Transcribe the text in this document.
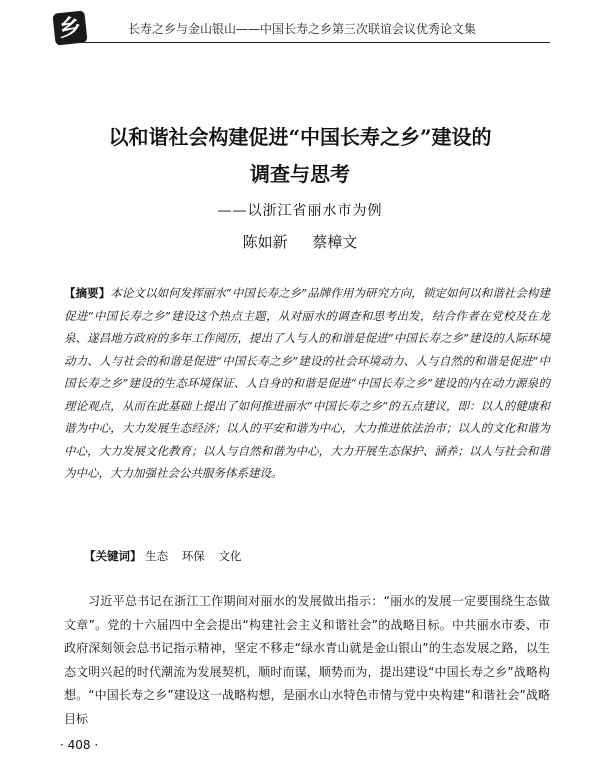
乡	长寿之乡与金山银山——中国长寿之乡第三次联谊会议优秀论文集
以和谐社会构建促进“中国长寿之乡”建设的
调查与思考
——以浙江省丽水市为例
陈如新 蔡樟文
【摘要】本论文以如何发挥丽水“中国长寿之乡”品牌作用为研究方向，锁定如何以和谐社会构建促进“中国长寿之乡”建设这个热点主题，从对丽水的调查和思考出发，结合作者在党校及在龙泉、遂昌地方政府的多年工作阅历，提出了人与人的和谐是促进“中国长寿之乡”建设的人际环境动力、人与社会的和谐是促进“中国长寿之乡”建设的社会环境动力、人与自然的和谐是促进“中国长寿之乡”建设的生态环境保证、人自身的和谐是促进“中国长寿之乡”建设的内在动力源泉的理论观点，从而在此基础上提出了如何推进丽水“中国长寿之乡”的五点建议，即：以人的健康和谐为中心，大力发展生态经济；以人的平安和谐为中心，大力推进依法治市；以人的文化和谐为中心，大力发展文化教育；以人与自然和谐为中心，大力开展生态保护、涵养；以人与社会和谐为中心，大力加强社会公共服务体系建设。
【关键词】 生态 环保 文化
习近平总书记在浙江工作期间对丽水的发展做出指示：“丽水的发展一定要围绕生态做文章”。党的十六届四中全会提出“构建社会主义和谐社会”的战略目标。中共丽水市委、市政府深刻领会总书记指示精神，坚定不移走“绿水青山就是金山银山”的生态发展之路，以生态文明兴起的时代潮流为发展契机，顺时而谋，顺势而为，提出建设“中国长寿之乡”战略构想。“中国长寿之乡”建设这一战略构想，是丽水山水特色市情与党中央构建“和谐社会”战略目标
· 408 ·
